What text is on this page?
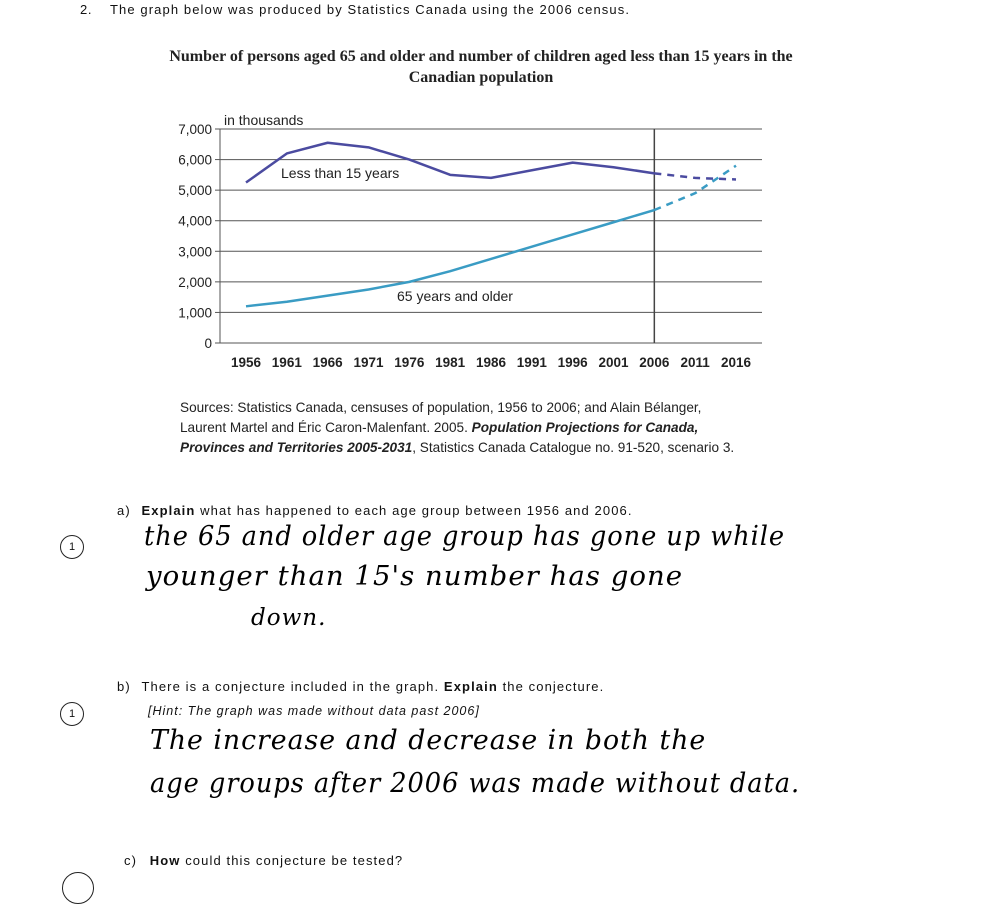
2. The graph below was produced by Statistics Canada using the 2006 census.
Number of persons aged 65 and older and number of children aged less than 15 years in the Canadian population
0
1,000
2,000
3,000
4,000
5,000
6,000
7,000
1956 1961 1966 1971 1976 1981 1986 1991 1996 2001 2006 2011 2016
in thousands
Less than 15 years
65 years and older
Sources: Statistics Canada, censuses of population, 1956 to 2006; and Alain Bélanger,
Laurent Martel and Éric Caron-Malenfant. 2005. Population Projections for Canada,
Provinces and Territories 2005-2031, Statistics Canada Catalogue no. 91-520, scenario 3.
a) Explain what has happened to each age group between 1956 and 2006.
1	the 65 and older age group has gone up while
younger than 15's number has gone
down.
b) There is a conjecture included in the graph. Explain the conjecture.
[Hint: The graph was made without data past 2006]
1
The increase and decrease in both the
age groups after 2006 was made without data.
c) How could this conjecture be tested?
